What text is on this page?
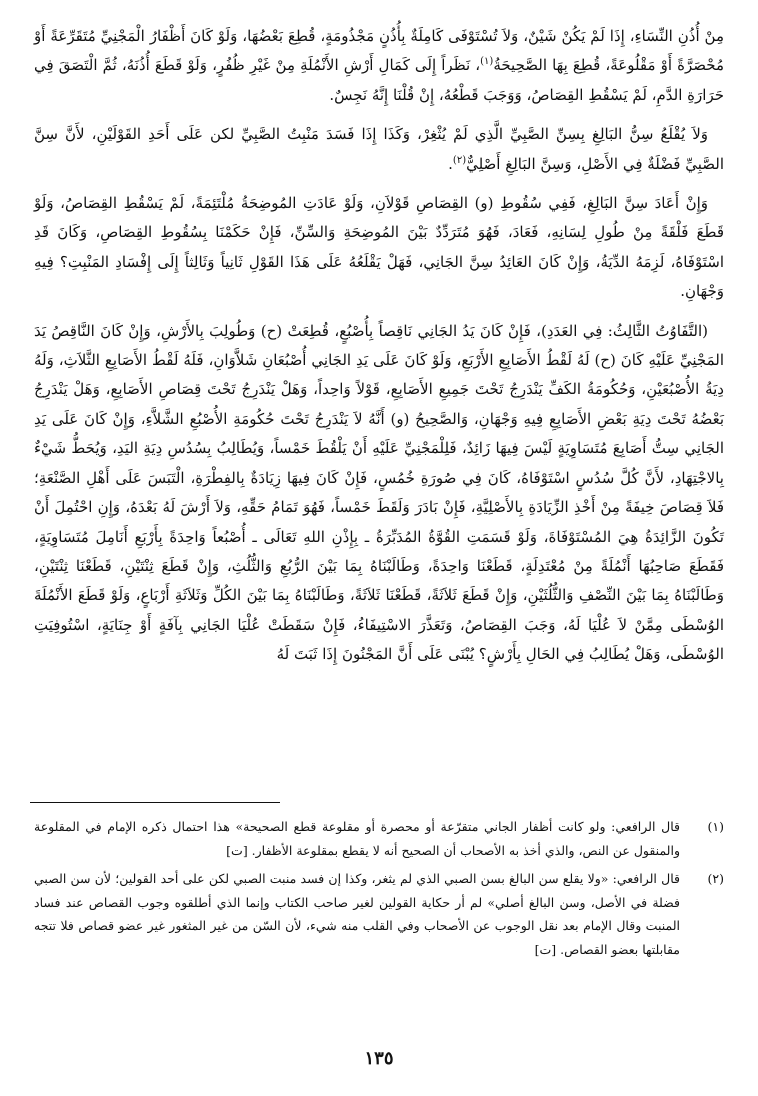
مِنْ أُذُنِ النِّسَاءِ، إِذَا لَمْ يَكُنْ شَيْنٌ، وَلاَ تُسْتَوْفَى كَامِلَةٌ بِأُذُنٍ مَجْذُومَةٍ، قُطِعَ بَعْضُهَا، وَلَوْ كَانَ أَظْفَارُ الْمَجْنِيِّ مُتَقَرِّعَةً أَوْ مُحْصَرَّةً أَوْ مَقْلُوعَةً، قُطِعَ بِهَا الصَّحِيحَةُ$^{(١)}$، نَظَراً إِلَى كَمَالِ أَرْشِ الأَنْمُلَةِ مِنْ غَيْرِ ظُفُرٍ، وَلَوْ قَطَعَ أُذُنَهُ، ثُمَّ الْتَصَقَ فِي حَرَارَةِ الدَّمِ، لَمْ يَسْقُطِ القِصَاصُ، وَوَجَبَ قَطْعُهُ، إِنْ قُلْنَا إِنَّهُ نَجِسٌ.

وَلاَ يُقْلَعُ سِنُّ البَالِغِ بِسِنِّ الصَّبِيِّ الَّذِي لَمْ يُثْغِرْ، وَكَذَا إِذَا فَسَدَ مَنْبِتُ الصَّبِيِّ لكن عَلَى أَحَدِ القَوْلَيْنِ، لأَنَّ سِنَّ الصَّبِيِّ فَضْلَةٌ فِي الأَصْلِ، وَسِنَّ البَالِغِ أَصْلِيٌّ$^{(٢)}$.

وَإِنْ أَعَادَ سِنَّ البَالِغِ، فَفِي سُقُوطِ (و) القِصَاصِ قَوْلاَنِ، وَلَوْ عَادَتِ المُوضِحَةُ مُلْتَئِمَةً، لَمْ يَسْقُطِ القِصَاصُ، وَلَوْ قَطَعَ فَلْقَةً مِنْ طُولِ لِسَانِهِ، فَعَادَ، فَهُوَ مُتَرَدِّدٌ بَيْنَ المُوضِحَةِ وَالسِّنِّ، فَإِنْ حَكَمْنَا بِسُقُوطِ القِصَاصِ، وَكَانَ قَدِ اسْتَوْفَاهُ، لَزِمَهُ الدِّيَةُ، وَإِنْ كَانَ العَائِدُ سِنَّ الجَانِي، فَهَلْ يَقْلَعُهُ عَلَى هَذَا القَوْلِ ثَانِياً وَثَالِثاً إِلَى إِفْسَادِ المَنْبِتِ؟ فِيهِ وَجْهَانِ.

(التَّفَاوُتُ الثَّالِثُ: فِي العَدَدِ)، فَإِنْ كَانَ يَدُ الجَانِي نَاقِصاً بِأُصْبُعٍ، قُطِعَتْ (ح) وَطُولِبَ بِالأَرْشِ، وَإِنْ كَانَ النَّاقِصُ يَدَ المَجْنِيِّ عَلَيْهِ كَانَ (ح) لَهُ لَقْطُ الأَصَابِعِ الأَرْبَعِ، وَلَوْ كَانَ عَلَى يَدِ الجَانِي أُصْبُعَانِ شَلاَّوَانِ، فَلَهُ لَقْطُ الأَصَابِعِ الثَّلاَثِ، وَلَهُ دِيَةُ الأُصْبُعَيْنِ، وَحُكُومَةُ الكَفِّ يَنْدَرِجُ تَحْتَ جَمِيعِ الأَصَابِعِ، قَوْلاً وَاحِداً، وَهَلْ يَنْدَرِجُ تَحْتَ قِصَاصِ الأَصَابِعِ، وَهَلْ يَنْدَرِجُ بَعْضُهُ تَحْتَ دِيَةِ بَعْضِ الأَصَابِعِ فِيهِ وَجْهَانِ، وَالصَّحِيحُ (و) أَنَّهُ لاَ يَنْدَرِجُ تَحْتَ حُكُومَةِ الأُصْبُعِ الشَّلاَّءِ، وَإِنْ كَانَ عَلَى يَدِ الجَانِي سِتُّ أَصَابِعَ مُتَسَاوِيَةٍ لَيْسَ فِيهَا زَائِدٌ، فَلِلْمَجْنِيِّ عَلَيْهِ أَنْ يَلْقُطَ خَمْساً، وَيُطَالِبُ بِسُدُسِ دِيَةِ اليَدِ، وَيُحَطُّ شَيْءٌ بِالاجْتِهَادِ، لأَنَّ كُلَّ سُدُسٍ اسْتَوْفَاهُ، كَانَ فِي صُورَةِ خُمُسٍ، فَإِنْ كَانَ فِيهَا زِيَادَةٌ بِالفِطْرَةِ، الْتَبَسَ عَلَى أَهْلِ الصَّنْعَةِ؛ فَلاَ قِصَاصَ خِيفَةً مِنْ أَخْذِ الزِّيَادَةِ بِالأَصْلِيَّةِ، فَإِنْ بَادَرَ وَلَقَطَ خَمْساً، فَهُوَ تَمَامُ حَقِّهِ، وَلاَ أَرْشَ لَهُ بَعْدَهُ، وَإِنِ احْتُمِلَ أَنْ تَكُونَ الزَّائِدَةُ هِيَ المُسْتَوْفَاةَ، وَلَوْ قَسَمَتِ القُوَّةُ المُدَبِّرَةُ ـ بِإِذْنِ اللهِ تَعَالَى ـ أُصْبُعاً وَاحِدَةً بِأَرْبَعِ أَنَامِلَ مُتَسَاوِيَةٍ، فَقَطَعَ صَاحِبُهَا أَنْمُلَةً مِنْ مُعْتَدِلَةٍ، قَطَعْنَا وَاحِدَةً، وَطَالَبْنَاهُ بِمَا بَيْنَ الرُّبُعِ وَالثُّلُثِ، وَإِنْ قَطَعَ ثِنْتَيْنِ، قَطَعْنَا ثِنْتَيْنِ، وَطَالَبْنَاهُ بِمَا بَيْنَ النِّصْفِ وَالثُّلُثَيْنِ، وَإِنْ قَطَعَ ثَلاَثَةً، قَطَعْنَا ثَلاَثَةً، وَطَالَبْنَاهُ بِمَا بَيْنَ الكُلِّ وَثَلاَثَةِ أَرْبَاعٍ، وَلَوْ قَطَعَ الأَنْمُلَةَ الوُسْطَى مِمَّنْ لاَ عُلْيَا لَهُ، وَجَبَ القِصَاصُ، وَتَعَذَّرَ الاسْتِيفَاءُ، فَإِنْ سَقَطَتْ عُلْيَا الجَانِي بِآفَةٍ أَوْ جِنَايَةٍ، اسْتُوفِيَتِ الوُسْطَى، وَهَلْ يُطَالِبُ فِي الحَالِ بِأَرْشٍ؟ يُبْنَى عَلَى أَنَّ المَجْنُونَ إِذَا ثَبَتَ لَهُ

(١)
قال الرافعي: ولو كانت أظفار الجاني متقرّعة أو محصرة أو مقلوعة قطع الصحيحة» هذا احتمال ذكره الإمام في المقلوعة والمنقول عن النص، والذي أخذ به الأصحاب أن الصحيح أنه لا يقطع بمقلوعة الأظفار. [ت]
(٢)
قال الرافعي: «ولا يقلع سن البالغ بسن الصبي الذي لم يثغر، وكذا إن فسد منبت الصبي لكن على أحد القولين؛ لأن سن الصبي فضلة في الأصل، وسن البالغ أصلي» لم أر حكاية القولين لغير صاحب الكتاب وإنما الذي أطلقوه وجوب القصاص عند فساد المنبت وقال الإمام بعد نقل الوجوب عن الأصحاب وفي القلب منه شيء، لأن السّن من غير المثغور غير عضو قصاص فلا تتجه مقابلتها بعضو القصاص. [ت]
١٣٥
